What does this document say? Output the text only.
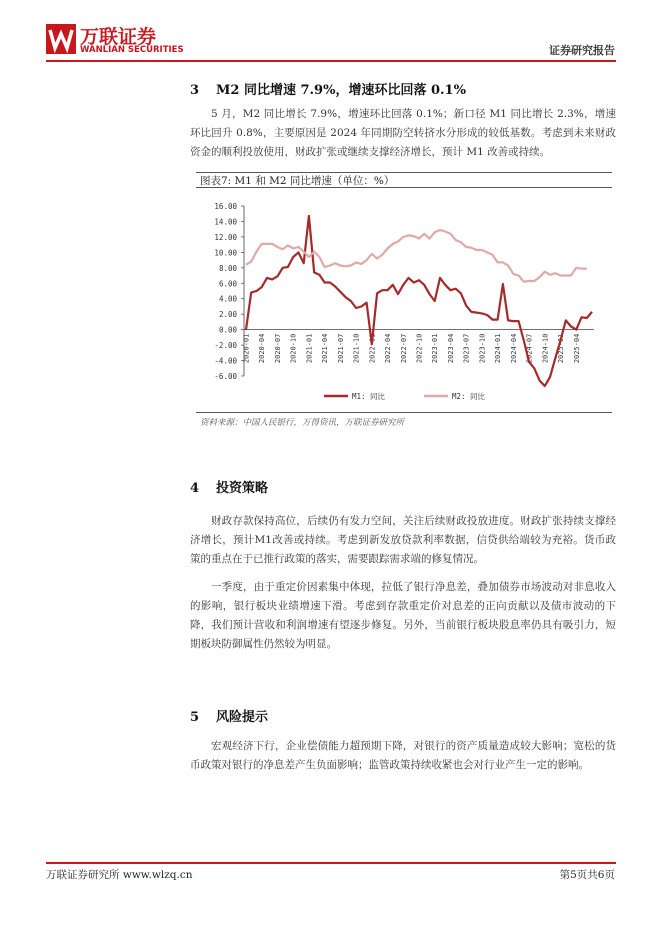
万联证券
WANLIAN SECURITIES	证券研究报告
3 M2 同比增速 7.9%，增速环比回落 0.1%

5 月，M2 同比增长 7.9%，增速环比回落 0.1%；新口径 M1 同比增长 2.3%，增速环比回升 0.8%，主要原因是 2024 年同期防空转挤水分形成的较低基数。考虑到未来财政资金的顺利投放使用，财政扩张或继续支撑经济增长，预计 M1 改善或持续。

图表7: M1 和 M2 同比增速（单位：%）
16.00
14.00
12.00
10.00
8.00
6.00
4.00
2.00
0.00
-2.00
-4.00
-6.00
2020-01 2020-04 2020-07 2020-10 2021-01 2021-04 2021-07 2021-10 2022-01 2022-04 2022-07 2022-10 2023-01 2023-04 2023-07 2023-10 2024-01 2024-04 2024-07 2024-10 2025-01 2025-04
M1: 同比	M2: 同比
资料来源：中国人民银行，万得资讯，万联证券研究所
4 投资策略

财政存款保持高位，后续仍有发力空间，关注后续财政投放进度。财政扩张持续支撑经济增长，预计M1改善或持续。考虑到新发放贷款利率数据，信贷供给端较为充裕。货币政策的重点在于已推行政策的落实，需要跟踪需求端的修复情况。

一季度，由于重定价因素集中体现，拉低了银行净息差，叠加债券市场波动对非息收入的影响，银行板块业绩增速下滑。考虑到存款重定价对息差的正向贡献以及债市波动的下降，我们预计营收和利润增速有望逐步修复。另外，当前银行板块股息率仍具有吸引力，短期板块防御属性仍然较为明显。

5 风险提示

宏观经济下行，企业偿债能力超预期下降，对银行的资产质量造成较大影响；宽松的货币政策对银行的净息差产生负面影响；监管政策持续收紧也会对行业产生一定的影响。

万联证券研究所 www.wlzq.cn	第5页共6页
